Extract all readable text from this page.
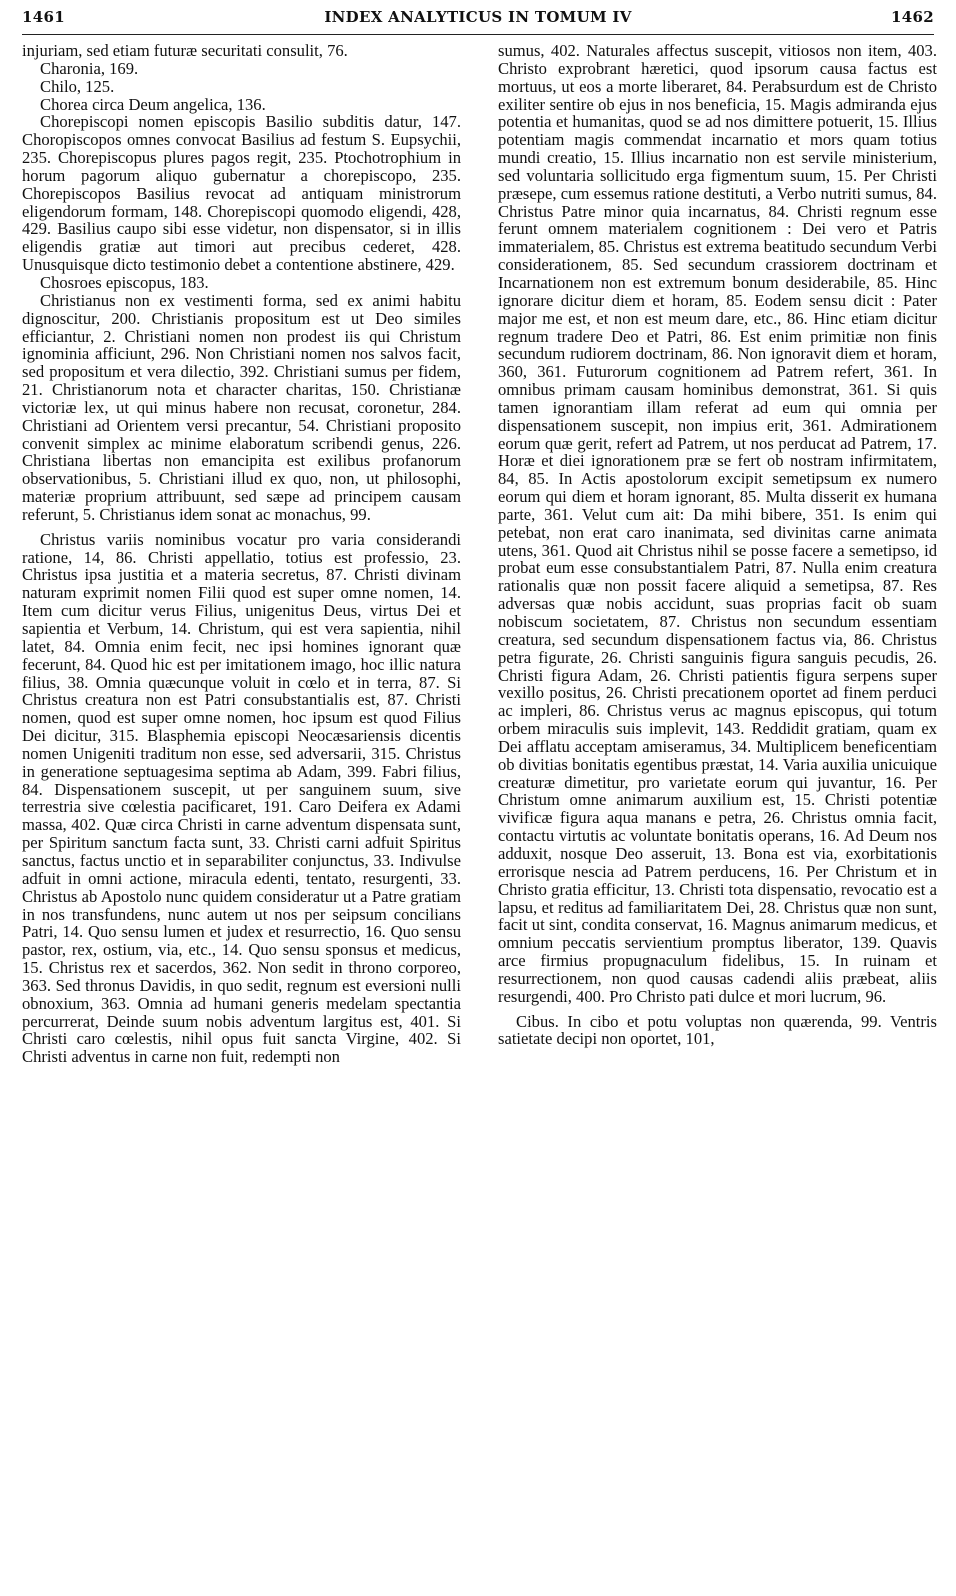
1461	INDEX ANALYTICUS IN TOMUM IV	1462

injuriam, sed etiam futuræ securitati consulit, 76.

Charonia, 169.

Chilo, 125.

Chorea circa Deum angelica, 136.

Chorepiscopi nomen episcopis Basilio subditis datur, 147. Choropiscopos omnes convocat Basilius ad festum S. Eupsychii, 235. Chorepiscopus plures pagos regit, 235. Ptochotrophium in horum pagorum aliquo gubernatur a chorepiscopo, 235. Chorepiscopos Basilius revocat ad antiquam ministrorum eligendorum formam, 148. Chorepiscopi quomodo eligendi, 428, 429. Basilius caupo sibi esse videtur, non dispensator, si in illis eligendis gratiæ aut timori aut precibus cederet, 428. Unusquisque dicto testimonio debet a contentione abstinere, 429.

Chosroes episcopus, 183.

Christianus non ex vestimenti forma, sed ex animi habitu dignoscitur, 200. Christianis propositum est ut Deo similes efficiantur, 2. Christiani nomen non prodest iis qui Christum ignominia afficiunt, 296. Non Christiani nomen nos salvos facit, sed propositum et vera dilectio, 392. Christiani sumus per fidem, 21. Christianorum nota et character charitas, 150. Christianæ victoriæ lex, ut qui minus habere non recusat, coronetur, 284. Christiani ad Orientem versi precantur, 54. Christiani proposito convenit simplex ac minime elaboratum scribendi genus, 226. Christiana libertas non emancipita est exilibus profanorum observationibus, 5. Christiani illud ex quo, non, ut philosophi, materiæ proprium attribuunt, sed sæpe ad principem causam referunt, 5. Christianus idem sonat ac monachus, 99.

Christus variis nominibus vocatur pro varia considerandi ratione, 14, 86. Christi appellatio, totius est professio, 23. Christus ipsa justitia et a materia secretus, 87. Christi divinam naturam exprimit nomen Filii quod est super omne nomen, 14. Item cum dicitur verus Filius, unigenitus Deus, virtus Dei et sapientia et Verbum, 14. Christum, qui est vera sapientia, nihil latet, 84. Omnia enim fecit, nec ipsi homines ignorant quæ fecerunt, 84. Quod hic est per imitationem imago, hoc illic natura filius, 38. Omnia quæcunque voluit in cœlo et in terra, 87. Si Christus creatura non est Patri consubstantialis est, 87. Christi nomen, quod est super omne nomen, hoc ipsum est quod Filius Dei dicitur, 315. Blasphemia episcopi Neocæsariensis dicentis nomen Unigeniti traditum non esse, sed adversarii, 315. Christus in generatione septuagesima septima ab Adam, 399. Fabri filius, 84. Dispensationem suscepit, ut per sanguinem suum, sive terrestria sive cœlestia pacificaret, 191. Caro Deifera ex Adami massa, 402. Quæ circa Christi in carne adventum dispensata sunt, per Spiritum sanctum facta sunt, 33. Christi carni adfuit Spiritus sanctus, factus unctio et in separabiliter conjunctus, 33. Indivulse adfuit in omni actione, miracula edenti, tentato, resurgenti, 33. Christus ab Apostolo nunc quidem consideratur ut a Patre gratiam in nos transfundens, nunc autem ut nos per seipsum concilians Patri, 14. Quo sensu lumen et judex et resurrectio, 16. Quo sensu pastor, rex, ostium, via, etc., 14. Quo sensu sponsus et medicus, 15. Christus rex et sacerdos, 362. Non sedit in throno corporeo, 363. Sed thronus Davidis, in quo sedit, regnum est eversioni nulli obnoxium, 363. Omnia ad humani generis medelam spectantia percurrerat, Deinde suum nobis adventum largitus est, 401. Si Christi caro cœlestis, nihil opus fuit sancta Virgine, 402. Si Christi adventus in carne non fuit, redempti non

sumus, 402. Naturales affectus suscepit, vitiosos non item, 403. Christo exprobrant hæretici, quod ipsorum causa factus est mortuus, ut eos a morte liberaret, 84. Perabsurdum est de Christo exiliter sentire ob ejus in nos beneficia, 15. Magis admiranda ejus potentia et humanitas, quod se ad nos dimittere potuerit, 15. Illius potentiam magis commendat incarnatio et mors quam totius mundi creatio, 15. Illius incarnatio non est servile ministerium, sed voluntaria sollicitudo erga figmentum suum, 15. Per Christi præsepe, cum essemus ratione destituti, a Verbo nutriti sumus, 84. Christus Patre minor quia incarnatus, 84. Christi regnum esse ferunt omnem materialem cognitionem : Dei vero et Patris immaterialem, 85. Christus est extrema beatitudo secundum Verbi considerationem, 85. Sed secundum crassiorem doctrinam et Incarnationem non est extremum bonum desiderabile, 85. Hinc ignorare dicitur diem et horam, 85. Eodem sensu dicit : Pater major me est, et non est meum dare, etc., 86. Hinc etiam dicitur regnum tradere Deo et Patri, 86. Est enim primitiæ non finis secundum rudiorem doctrinam, 86. Non ignoravit diem et horam, 360, 361. Futurorum cognitionem ad Patrem refert, 361. In omnibus primam causam hominibus demonstrat, 361. Si quis tamen ignorantiam illam referat ad eum qui omnia per dispensationem suscepit, non impius erit, 361. Admirationem eorum quæ gerit, refert ad Patrem, ut nos perducat ad Patrem, 17. Horæ et diei ignorationem præ se fert ob nostram infirmitatem, 84, 85. In Actis apostolorum excipit semetipsum ex numero eorum qui diem et horam ignorant, 85. Multa disserit ex humana parte, 361. Velut cum ait: Da mihi bibere, 351. Is enim qui petebat, non erat caro inanimata, sed divinitas carne animata utens, 361. Quod ait Christus nihil se posse facere a semetipso, id probat eum esse consubstantialem Patri, 87. Nulla enim creatura rationalis quæ non possit facere aliquid a semetipsa, 87. Res adversas quæ nobis accidunt, suas proprias facit ob suam nobiscum societatem, 87. Christus non secundum essentiam creatura, sed secundum dispensationem factus via, 86. Christus petra figurate, 26. Christi sanguinis figura sanguis pecudis, 26. Christi figura Adam, 26. Christi patientis figura serpens super vexillo positus, 26. Christi precationem oportet ad finem perduci ac impleri, 86. Christus verus ac magnus episcopus, qui totum orbem miraculis suis implevit, 143. Reddidit gratiam, quam ex Dei afflatu acceptam amiseramus, 34. Multiplicem beneficentiam ob divitias bonitatis egentibus præstat, 14. Varia auxilia unicuique creaturæ dimetitur, pro varietate eorum qui juvantur, 16. Per Christum omne animarum auxilium est, 15. Christi potentiæ vivificæ figura aqua manans e petra, 26. Christus omnia facit, contactu virtutis ac voluntate bonitatis operans, 16. Ad Deum nos adduxit, nosque Deo asseruit, 13. Bona est via, exorbitationis errorisque nescia ad Patrem perducens, 16. Per Christum et in Christo gratia efficitur, 13. Christi tota dispensatio, revocatio est a lapsu, et reditus ad familiaritatem Dei, 28. Christus quæ non sunt, facit ut sint, condita conservat, 16. Magnus animarum medicus, et omnium peccatis servientium promptus liberator, 139. Quavis arce firmius propugnaculum fidelibus, 15. In ruinam et resurrectionem, non quod causas cadendi aliis præbeat, aliis resurgendi, 400. Pro Christo pati dulce et mori lucrum, 96.

Cibus. In cibo et potu voluptas non quærenda, 99. Ventris satietate decipi non oportet, 101,
